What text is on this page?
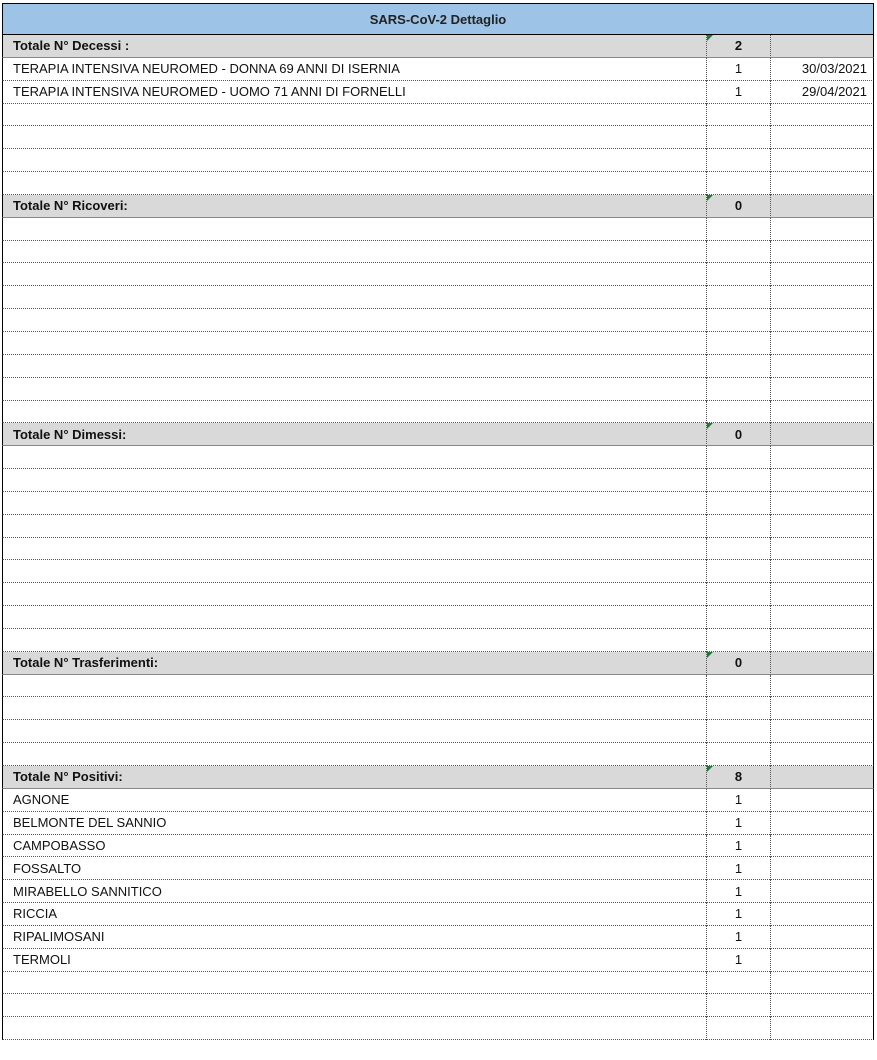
SARS-CoV-2 Dettaglio
Totale N° Decessi :	2
TERAPIA INTENSIVA NEUROMED - DONNA 69 ANNI DI ISERNIA	1	30/03/2021
TERAPIA INTENSIVA NEUROMED - UOMO 71 ANNI DI FORNELLI	1	29/04/2021
Totale N° Ricoveri:	0
Totale N° Dimessi:	0
Totale N° Trasferimenti:	0
Totale N° Positivi:	8
AGNONE	1
BELMONTE DEL SANNIO	1
CAMPOBASSO	1
FOSSALTO	1
MIRABELLO SANNITICO	1
RICCIA	1
RIPALIMOSANI	1
TERMOLI	1
